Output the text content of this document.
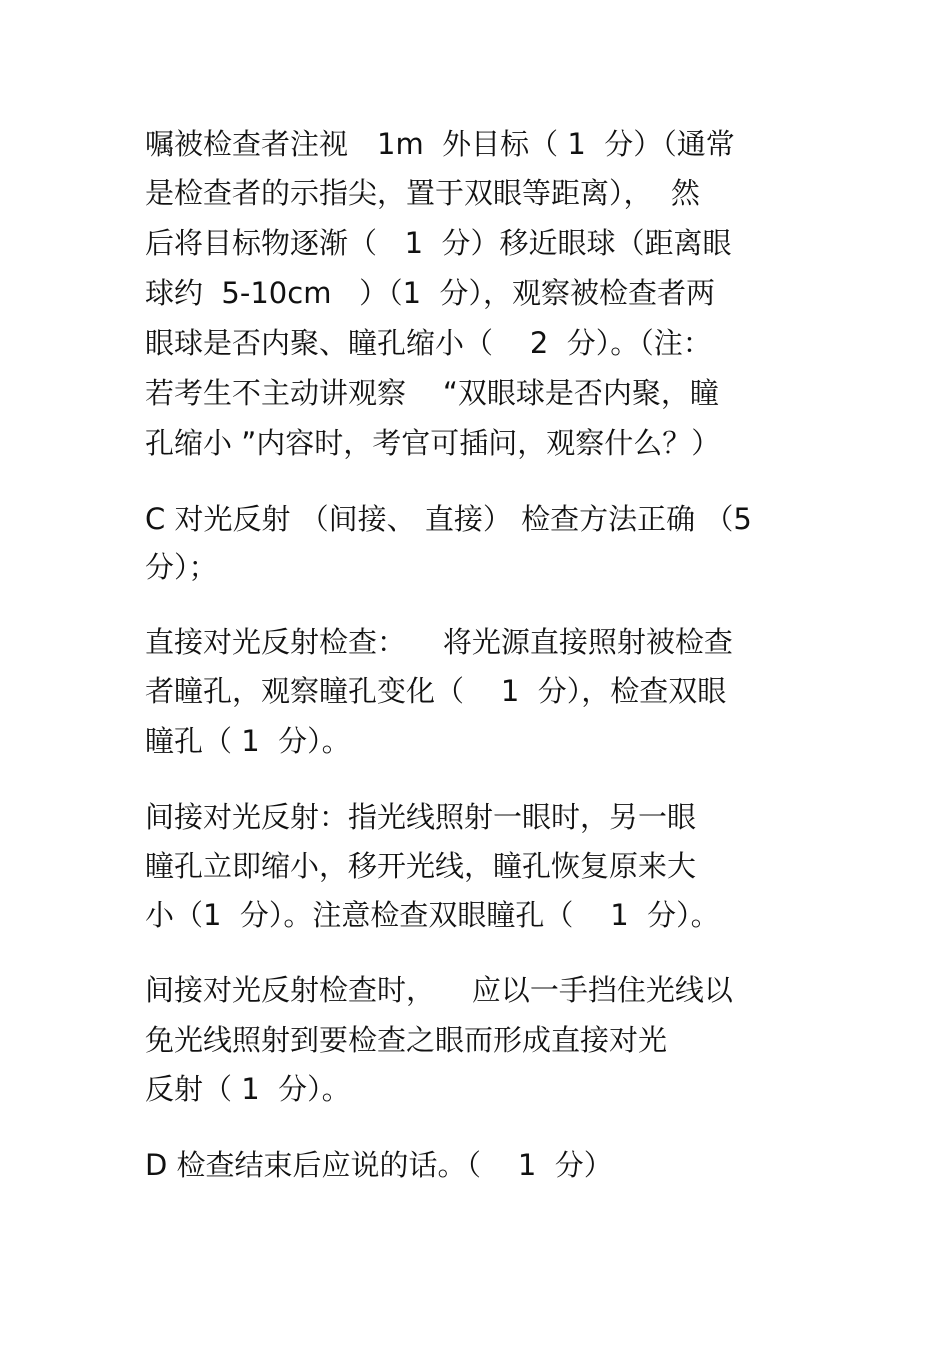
嘱被检查者注视　1m  外目标（ 1  分）（通常
是检查者的示指尖，置于双眼等距离），  然
后将目标物逐渐（   1  分）移近眼球（距离眼
球约  5-10cm   ）（1  分），观察被检查者两
眼球是否内聚、瞳孔缩小（    2  分）。（注：
若考生不主动讲观察    “双眼球是否内聚，瞳
孔缩小 ”内容时，考官可插问，观察什么？）
C 对光反射 （间接、 直接） 检查方法正确 （5
分）；
直接对光反射检查：    将光源直接照射被检查
者瞳孔，观察瞳孔变化（    1  分），检查双眼
瞳孔（ 1  分）。
间接对光反射：指光线照射一眼时，另一眼
瞳孔立即缩小，移开光线，瞳孔恢复原来大
小（1  分）。注意检查双眼瞳孔（    1  分）。
间接对光反射检查时，    应以一手挡住光线以
免光线照射到要检查之眼而形成直接对光
反射（ 1  分）。
D 检查结束后应说的话。（    1  分）
